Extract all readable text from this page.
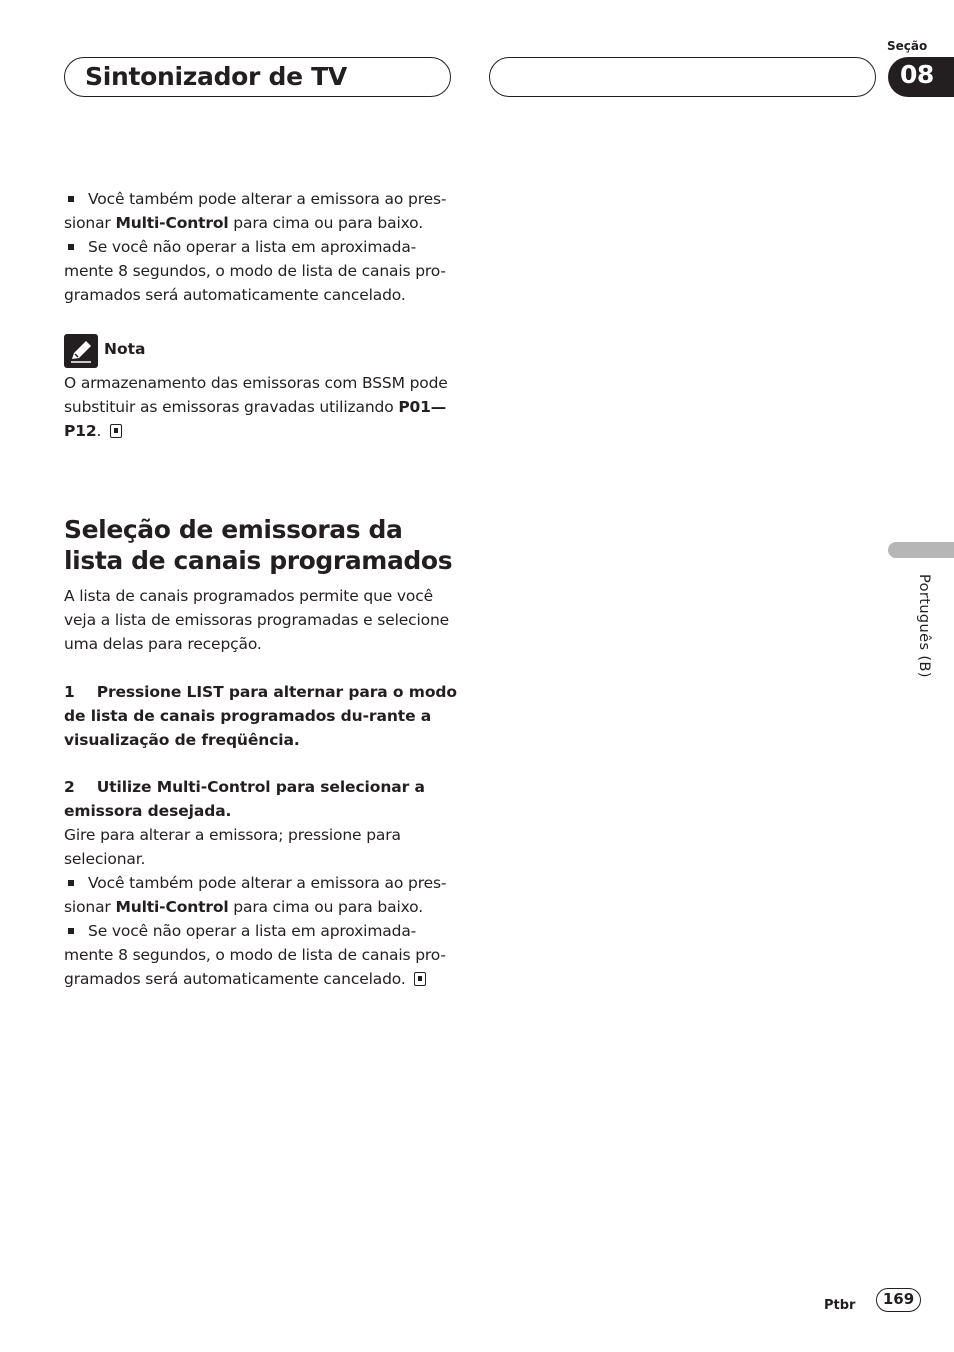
Sintonizador de TV
Seção
08
Português (B)

Você também pode alterar a emissora ao pres-sionar Multi-Control para cima ou para baixo.

Se você não operar a lista em aproximada-mente 8 segundos, o modo de lista de canais pro-gramados será automaticamente cancelado.

Nota

O armazenamento das emissoras com BSSM pode substituir as emissoras gravadas utilizando P01—P12.

Seleção de emissoras da lista de canais programados

A lista de canais programados permite que você veja a lista de emissoras programadas e selecione uma delas para recepção.

1 Pressione LIST para alternar para o modo de lista de canais programados du-rante a visualização de freqüência.

2 Utilize Multi-Control para selecionar a emissora desejada.

Gire para alterar a emissora; pressione para selecionar.

Você também pode alterar a emissora ao pres-sionar Multi-Control para cima ou para baixo.

Se você não operar a lista em aproximada-mente 8 segundos, o modo de lista de canais pro-gramados será automaticamente cancelado.

Ptbr	169
